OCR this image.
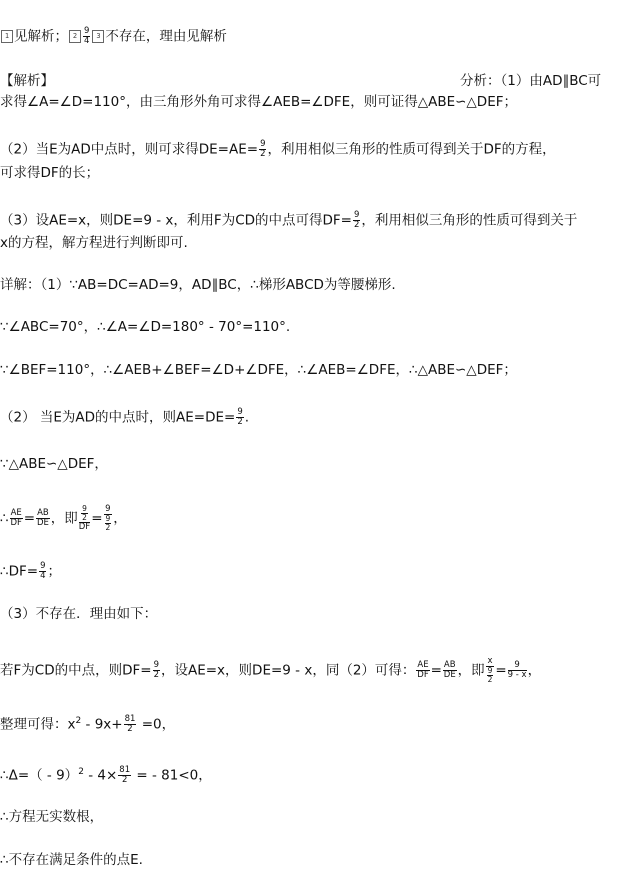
1 见解析； $2 \frac{9}{4} 3$ 不存在，理由见解析
【解析】	分析：（1）由AD∥BC可
求得∠A=∠D=110°，由三角形外角可求得∠AEB=∠DFE，则可证得△ABE∽△DEF；
（2）当E为AD中点时，则可求得$DE=AE= \frac{9}{2}$ ，利用相似三角形的性质可得到关于DF的方程，
可求得DF的长；
（3）设AE=x，则DE=9 - x，利用F为CD的中点可得$DF= \frac{9}{2}$ ，利用相似三角形的性质可得到关于
x的方程，解方程进行判断即可.
详解：（1）∵AB=DC=AD=9，AD∥BC，∴梯形ABCD为等腰梯形.
∵∠ABC=70°，∴∠A=∠D=180° - 70°=110°.
∵∠BEF=110°，∴∠AEB+∠BEF=∠D+∠DFE，∴∠AEB=∠DFE，∴△ABE∽△DEF；
（2） 当E为AD的中点时，则$AE=DE= \frac{9}{2}$ .
∵△ABE∽△DEF，
∴ $\frac{AE}{DF} = \frac{AB}{DE}$ ，即 $\frac{\frac{9}{2}}{DF} = \frac{9}{\frac{9}{2}}$ ，
∴DF= $\frac{9}{4}$ ；
（3）不存在．理由如下：
若F为CD的中点，则$DF= \frac{9}{2}$ ，设AE=x，则DE=9 - x，同（2）可得： $\frac{AE}{DF} = \frac{AB}{DE}$ ，即 $\frac{x}{\frac{9}{2}} = \frac{9}{9 - x}$ ，
整理可得：$x^2 - 9x+ \frac{81}{2} =0$，
∴Δ=（ - $9)^2 - 4\times \frac{81}{2}$ = - 81<0，
∴方程无实数根，
∴不存在满足条件的点E.
